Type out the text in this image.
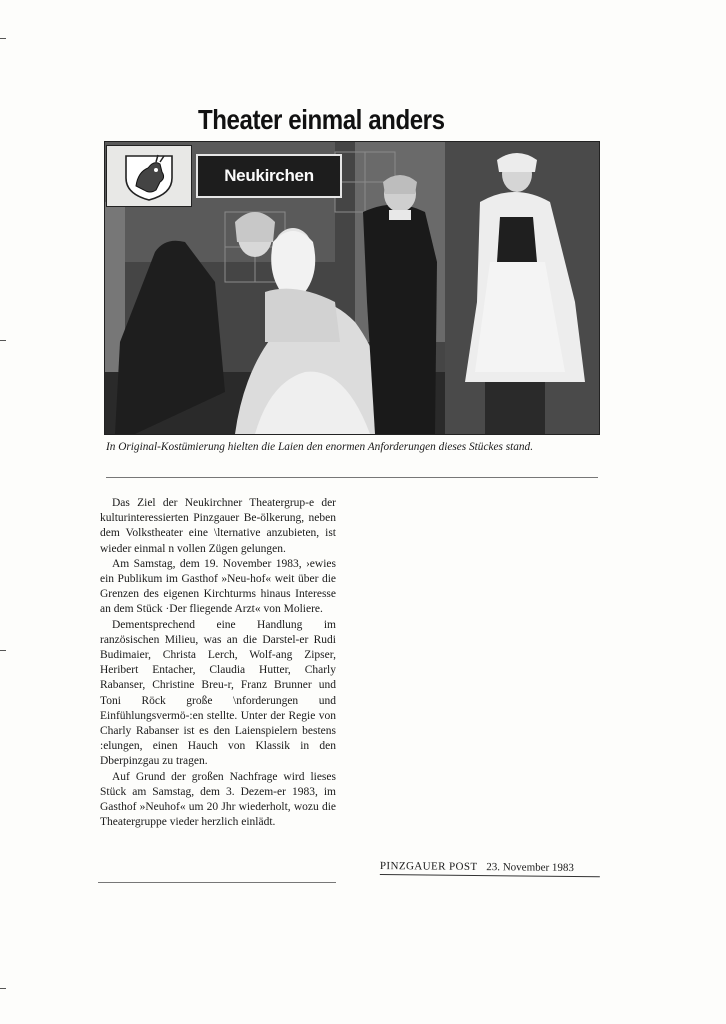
Theater einmal anders
Neukirchen
In Original-Kostümierung hielten die Laien den enormen Anforderungen dieses Stückes stand.

Das Ziel der Neukirchner Theatergrup-e der kulturinteressierten Pinzgauer Be-ölkerung, neben dem Volkstheater eine \lternative anzubieten, ist wieder einmal n vollen Zügen gelungen.

Am Samstag, dem 19. November 1983, ›ewies ein Publikum im Gasthof »Neu-hof« weit über die Grenzen des eigenen Kirchturms hinaus Interesse an dem Stück ·Der fliegende Arzt« von Moliere.

Dementsprechend eine Handlung im ranzösischen Milieu, was an die Darstel-er Rudi Budimaier, Christa Lerch, Wolf-ang Zipser, Heribert Entacher, Claudia Hutter, Charly Rabanser, Christine Breu-r, Franz Brunner und Toni Röck große \nforderungen und Einfühlungsvermö-:en stellte. Unter der Regie von Charly Rabanser ist es den Laienspielern bestens :elungen, einen Hauch von Klassik in den Dberpinzgau zu tragen.

Auf Grund der großen Nachfrage wird lieses Stück am Samstag, dem 3. Dezem-er 1983, im Gasthof »Neuhof« um 20 Jhr wiederholt, wozu die Theatergruppe vieder herzlich einlädt.

PINZGAUER POST 23. November 1983
